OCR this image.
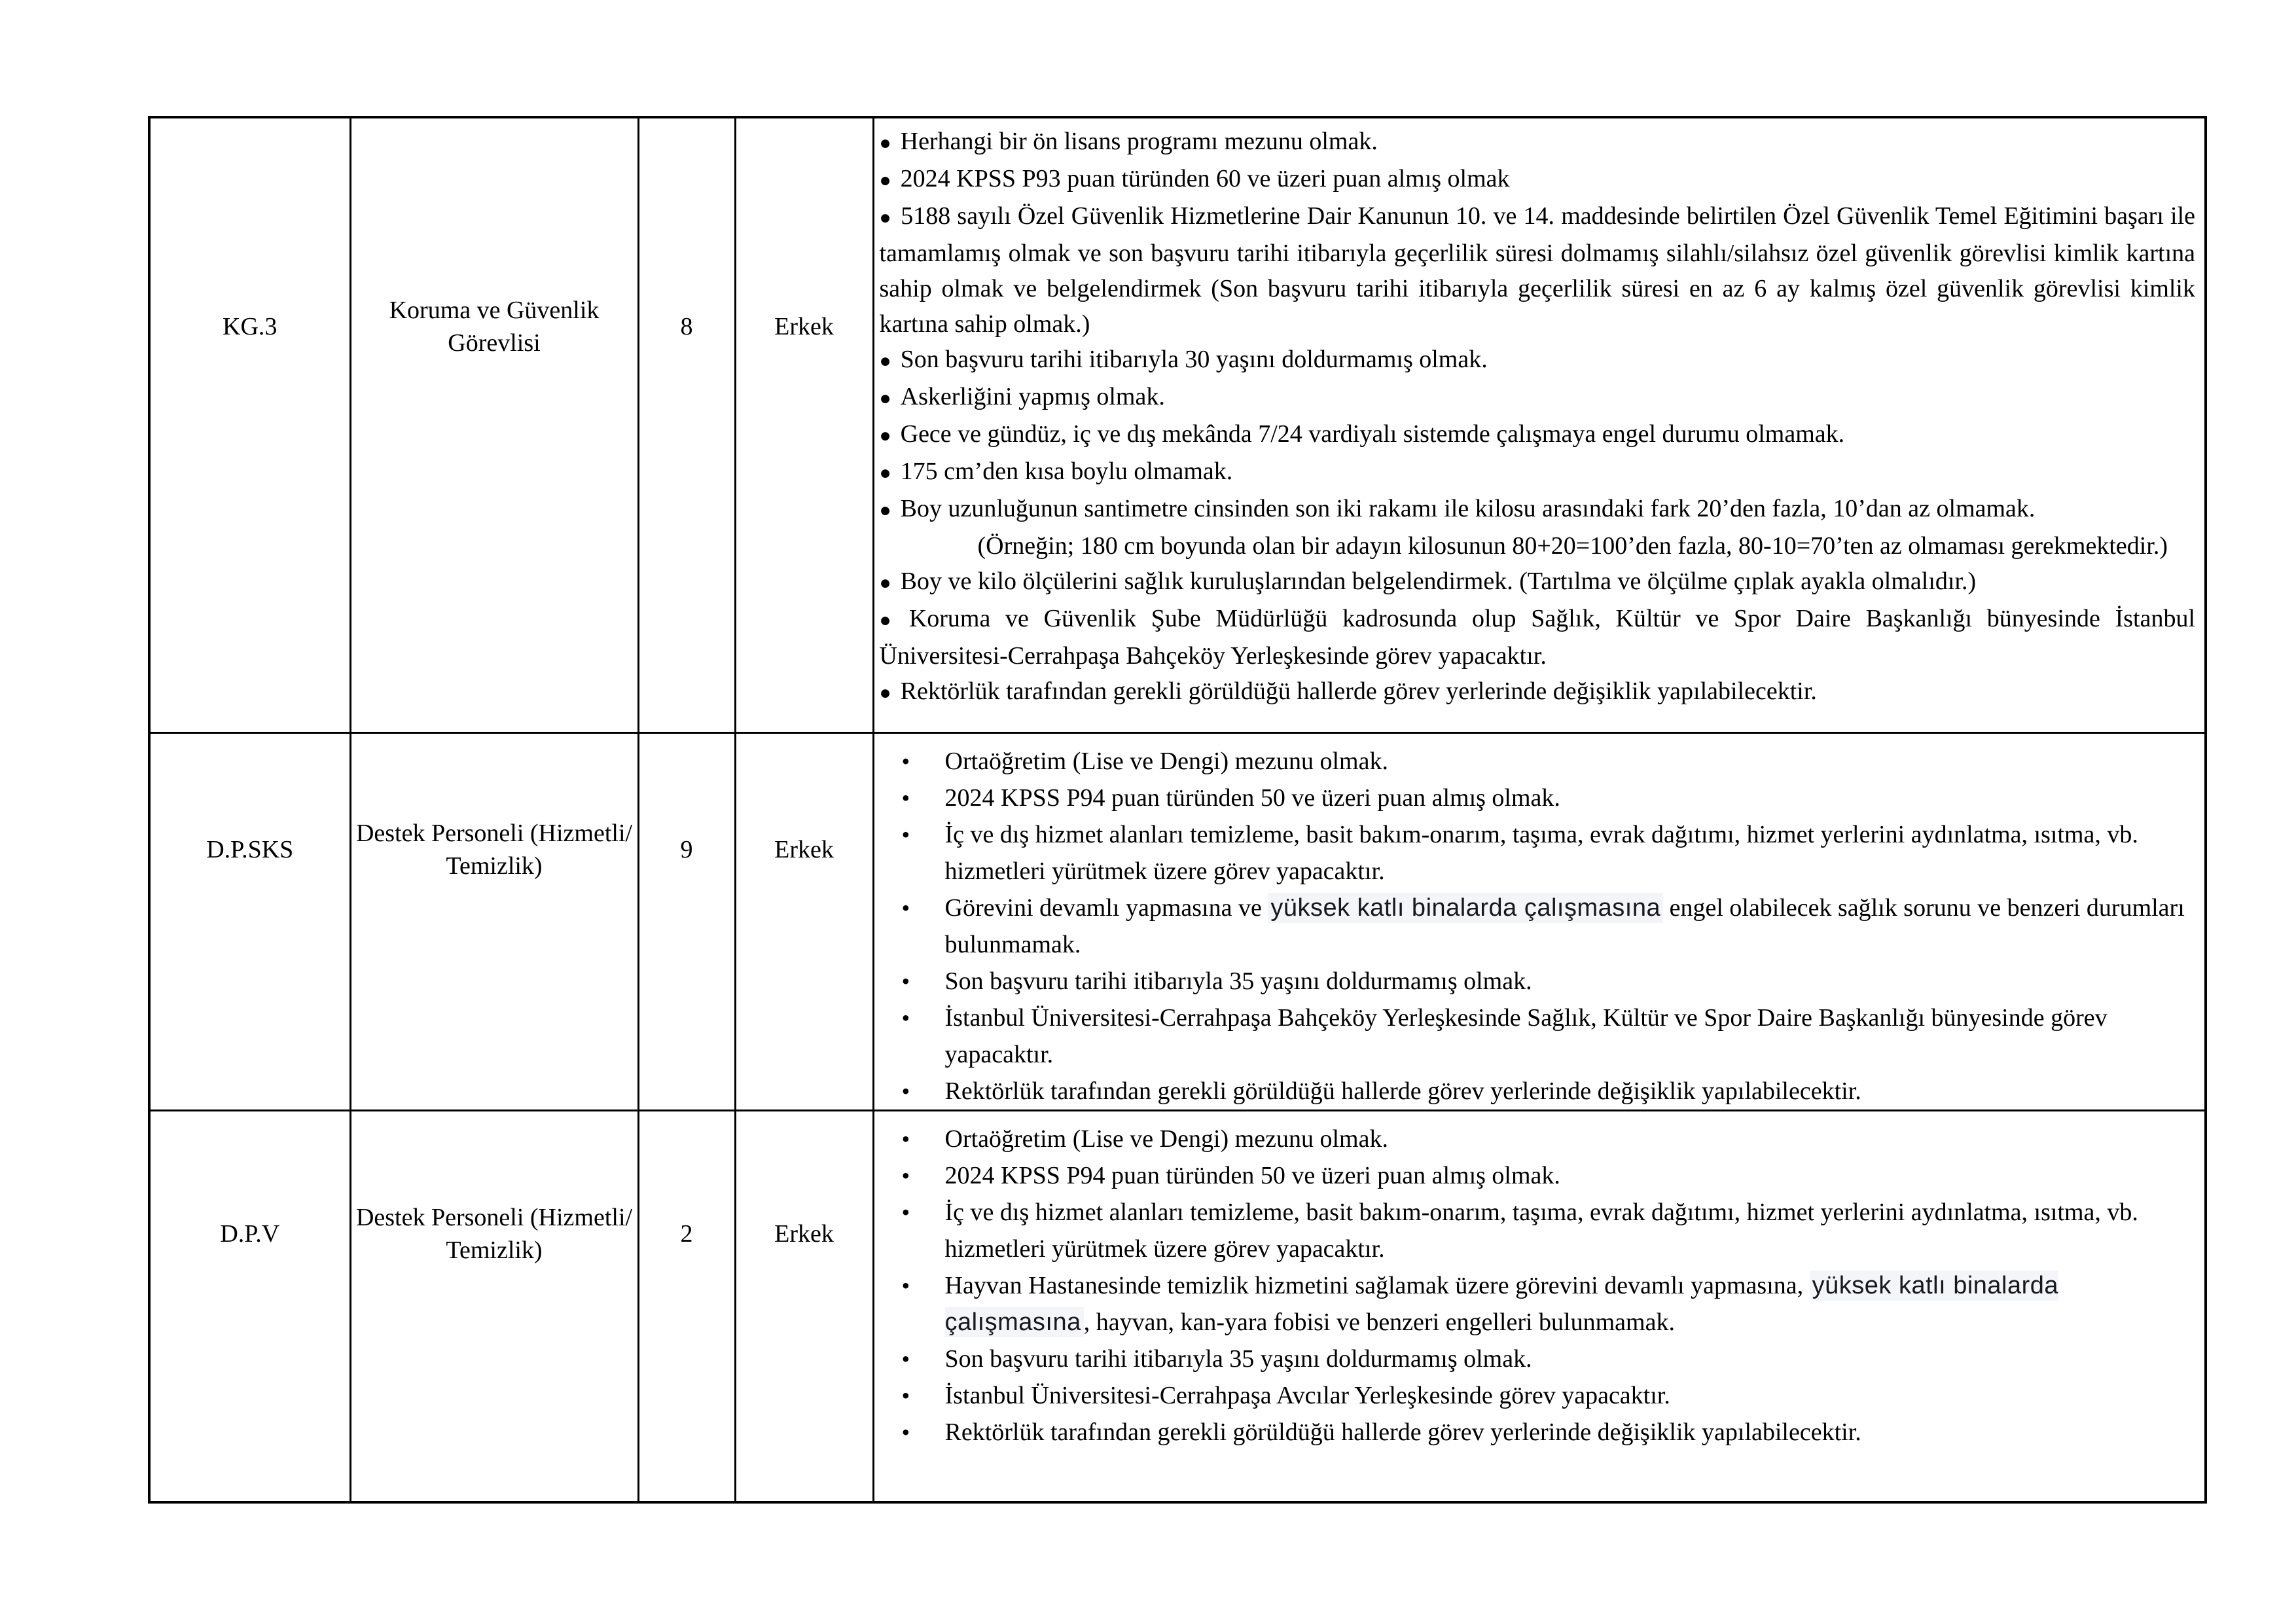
KG.3	Koruma ve Güvenlik Görevlisi	8	Erkek	

● Herhangi bir ön lisans programı mezunu olmak.

● 2024 KPSS P93 puan türünden 60 ve üzeri puan almış olmak

● 5188 sayılı Özel Güvenlik Hizmetlerine Dair Kanunun 10. ve 14. maddesinde belirtilen Özel Güvenlik Temel Eğitimini başarı ile tamamlamış olmak ve son başvuru tarihi itibarıyla geçerlilik süresi dolmamış silahlı/silahsız özel güvenlik görevlisi kimlik kartına sahip olmak ve belgelendirmek (Son başvuru tarihi itibarıyla geçerlilik süresi en az 6 ay kalmış özel güvenlik görevlisi kimlik kartına sahip olmak.)

● Son başvuru tarihi itibarıyla 30 yaşını doldurmamış olmak.

● Askerliğini yapmış olmak.

● Gece ve gündüz, iç ve dış mekânda 7/24 vardiyalı sistemde çalışmaya engel durumu olmamak.

● 175 cm’den kısa boylu olmamak.

● Boy uzunluğunun santimetre cinsinden son iki rakamı ile kilosu arasındaki fark 20’den fazla, 10’dan az olmamak.

(Örneğin; 180 cm boyunda olan bir adayın kilosunun 80+20=100’den fazla, 80-10=70’ten az olmaması gerekmektedir.)

● Boy ve kilo ölçülerini sağlık kuruluşlarından belgelendirmek. (Tartılma ve ölçülme çıplak ayakla olmalıdır.)

● Koruma ve Güvenlik Şube Müdürlüğü kadrosunda olup Sağlık, Kültür ve Spor Daire Başkanlığı bünyesinde İstanbul Üniversitesi-Cerrahpaşa Bahçeköy Yerleşkesinde görev yapacaktır.

● Rektörlük tarafından gerekli görüldüğü hallerde görev yerlerinde değişiklik yapılabilecektir.

D.P.SKS	Destek Personeli (Hizmetli/ Temizlik)	9	Erkek	

• Ortaöğretim (Lise ve Dengi) mezunu olmak.

• 2024 KPSS P94 puan türünden 50 ve üzeri puan almış olmak.

• İç ve dış hizmet alanları temizleme, basit bakım-onarım, taşıma, evrak dağıtımı, hizmet yerlerini aydınlatma, ısıtma, vb. hizmetleri yürütmek üzere görev yapacaktır.

• Görevini devamlı yapmasına ve yüksek katlı binalarda çalışmasına engel olabilecek sağlık sorunu ve benzeri durumları bulunmamak.

• Son başvuru tarihi itibarıyla 35 yaşını doldurmamış olmak.

• İstanbul Üniversitesi-Cerrahpaşa Bahçeköy Yerleşkesinde Sağlık, Kültür ve Spor Daire Başkanlığı bünyesinde görev yapacaktır.

• Rektörlük tarafından gerekli görüldüğü hallerde görev yerlerinde değişiklik yapılabilecektir.

D.P.V	Destek Personeli (Hizmetli/ Temizlik)	2	Erkek	

• Ortaöğretim (Lise ve Dengi) mezunu olmak.

• 2024 KPSS P94 puan türünden 50 ve üzeri puan almış olmak.

• İç ve dış hizmet alanları temizleme, basit bakım-onarım, taşıma, evrak dağıtımı, hizmet yerlerini aydınlatma, ısıtma, vb. hizmetleri yürütmek üzere görev yapacaktır.

• Hayvan Hastanesinde temizlik hizmetini sağlamak üzere görevini devamlı yapmasına, yüksek katlı binalarda çalışmasına , hayvan, kan-yara fobisi ve benzeri engelleri bulunmamak.

• Son başvuru tarihi itibarıyla 35 yaşını doldurmamış olmak.

• İstanbul Üniversitesi-Cerrahpaşa Avcılar Yerleşkesinde görev yapacaktır.

• Rektörlük tarafından gerekli görüldüğü hallerde görev yerlerinde değişiklik yapılabilecektir.
